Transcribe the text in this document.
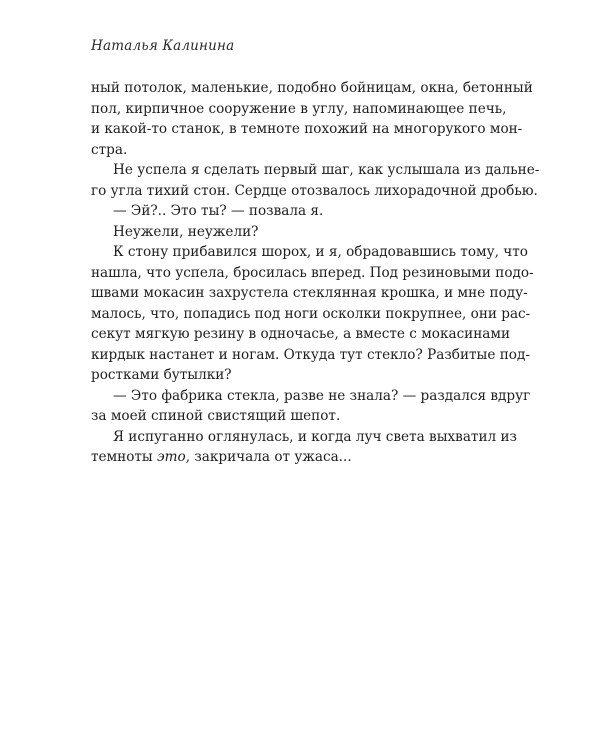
Наталья Калинина
ный потолок, маленькие, подобно бойницам, окна, бетонный
пол, кирпичное сооружение в углу, напоминающее печь,
и какой-то станок, в темноте похожий на многорукого мон-
стра.
Не успела я сделать первый шаг, как услышала из дальне-
го угла тихий стон. Сердце отозвалось лихорадочной дробью.
— Эй?.. Это ты? — позвала я.
Неужели, неужели?
К стону прибавился шорох, и я, обрадовавшись тому, что
нашла, что успела, бросилась вперед. Под резиновыми подо-
швами мокасин захрустела стеклянная крошка, и мне поду-
малось, что, попадись под ноги осколки покрупнее, они рас-
секут мягкую резину в одночасье, а вместе с мокасинами
кирдык настанет и ногам. Откуда тут стекло? Разбитые под-
ростками бутылки?
— Это фабрика стекла, разве не знала? — раздался вдруг
за моей спиной свистящий шепот.
Я испуганно оглянулась, и когда луч света выхватил из
темноты это, закричала от ужаса...
